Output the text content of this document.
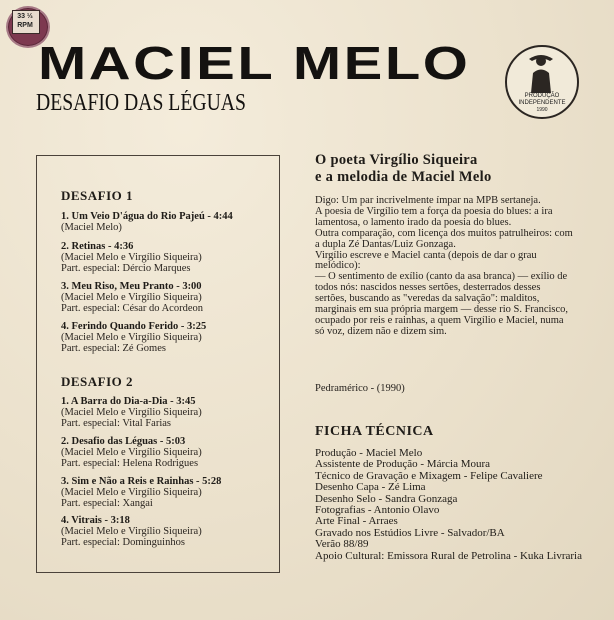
33 ⅓ RPM
MACIEL MELO
DESAFIO DAS LÉGUAS	PRODUÇÃO INDEPENDENTE
1990
DESAFIO 1
1. Um Veio D'água do Rio Pajeú - 4:44
(Maciel Melo)
2. Retinas - 4:36
(Maciel Melo e Virgílio Siqueira)
Part. especial: Dércio Marques
3. Meu Riso, Meu Pranto - 3:00
(Maciel Melo e Virgílio Siqueira)
Part. especial: César do Acordeon
4. Ferindo Quando Ferido - 3:25
(Maciel Melo e Virgílio Siqueira)
Part. especial: Zé Gomes
DESAFIO 2
1. A Barra do Dia-a-Dia - 3:45
(Maciel Melo e Virgílio Siqueira)
Part. especial: Vital Farias
2. Desafio das Léguas - 5:03
(Maciel Melo e Virgílio Siqueira)
Part. especial: Helena Rodrigues
3. Sim e Não a Reis e Rainhas - 5:28
(Maciel Melo e Virgílio Siqueira)
Part. especial: Xangai
4. Vitrais - 3:18
(Maciel Melo e Virgílio Siqueira)
Part. especial: Dominguinhos
O poeta Virgílio Siqueira
e a melodia de Maciel Melo

Digo: Um par incrivelmente ímpar na MPB sertaneja.

A poesia de Virgílio tem a força da poesia do blues: a ira lamentosa, o lamento irado da poesia do blues.

Outra comparação, com licença dos muitos patrulheiros: com a dupla Zé Dantas/Luiz Gonzaga.

Virgílio escreve e Maciel canta (depois de dar o grau melódico):

— O sentimento de exílio (canto da asa branca) — exílio de todos nós: nascidos nesses sertões, desterrados desses sertões, buscando as "veredas da salvação": malditos, marginais em sua própria margem — desse rio S. Francisco, ocupado por reis e rainhas, a quem Virgílio e Maciel, numa só voz, dizem não e dizem sim.

Pedramérico - (1990)
FICHA TÉCNICA
Produção - Maciel Melo
Assistente de Produção - Márcia Moura
Técnico de Gravação e Mixagem - Felipe Cavaliere
Desenho Capa - Zé Lima
Desenho Selo - Sandra Gonzaga
Fotografias - Antonio Olavo
Arte Final - Arraes
Gravado nos Estúdios Livre - Salvador/BA
Verão 88/89
Apoio Cultural: Emissora Rural de Petrolina - Kuka Livraria
